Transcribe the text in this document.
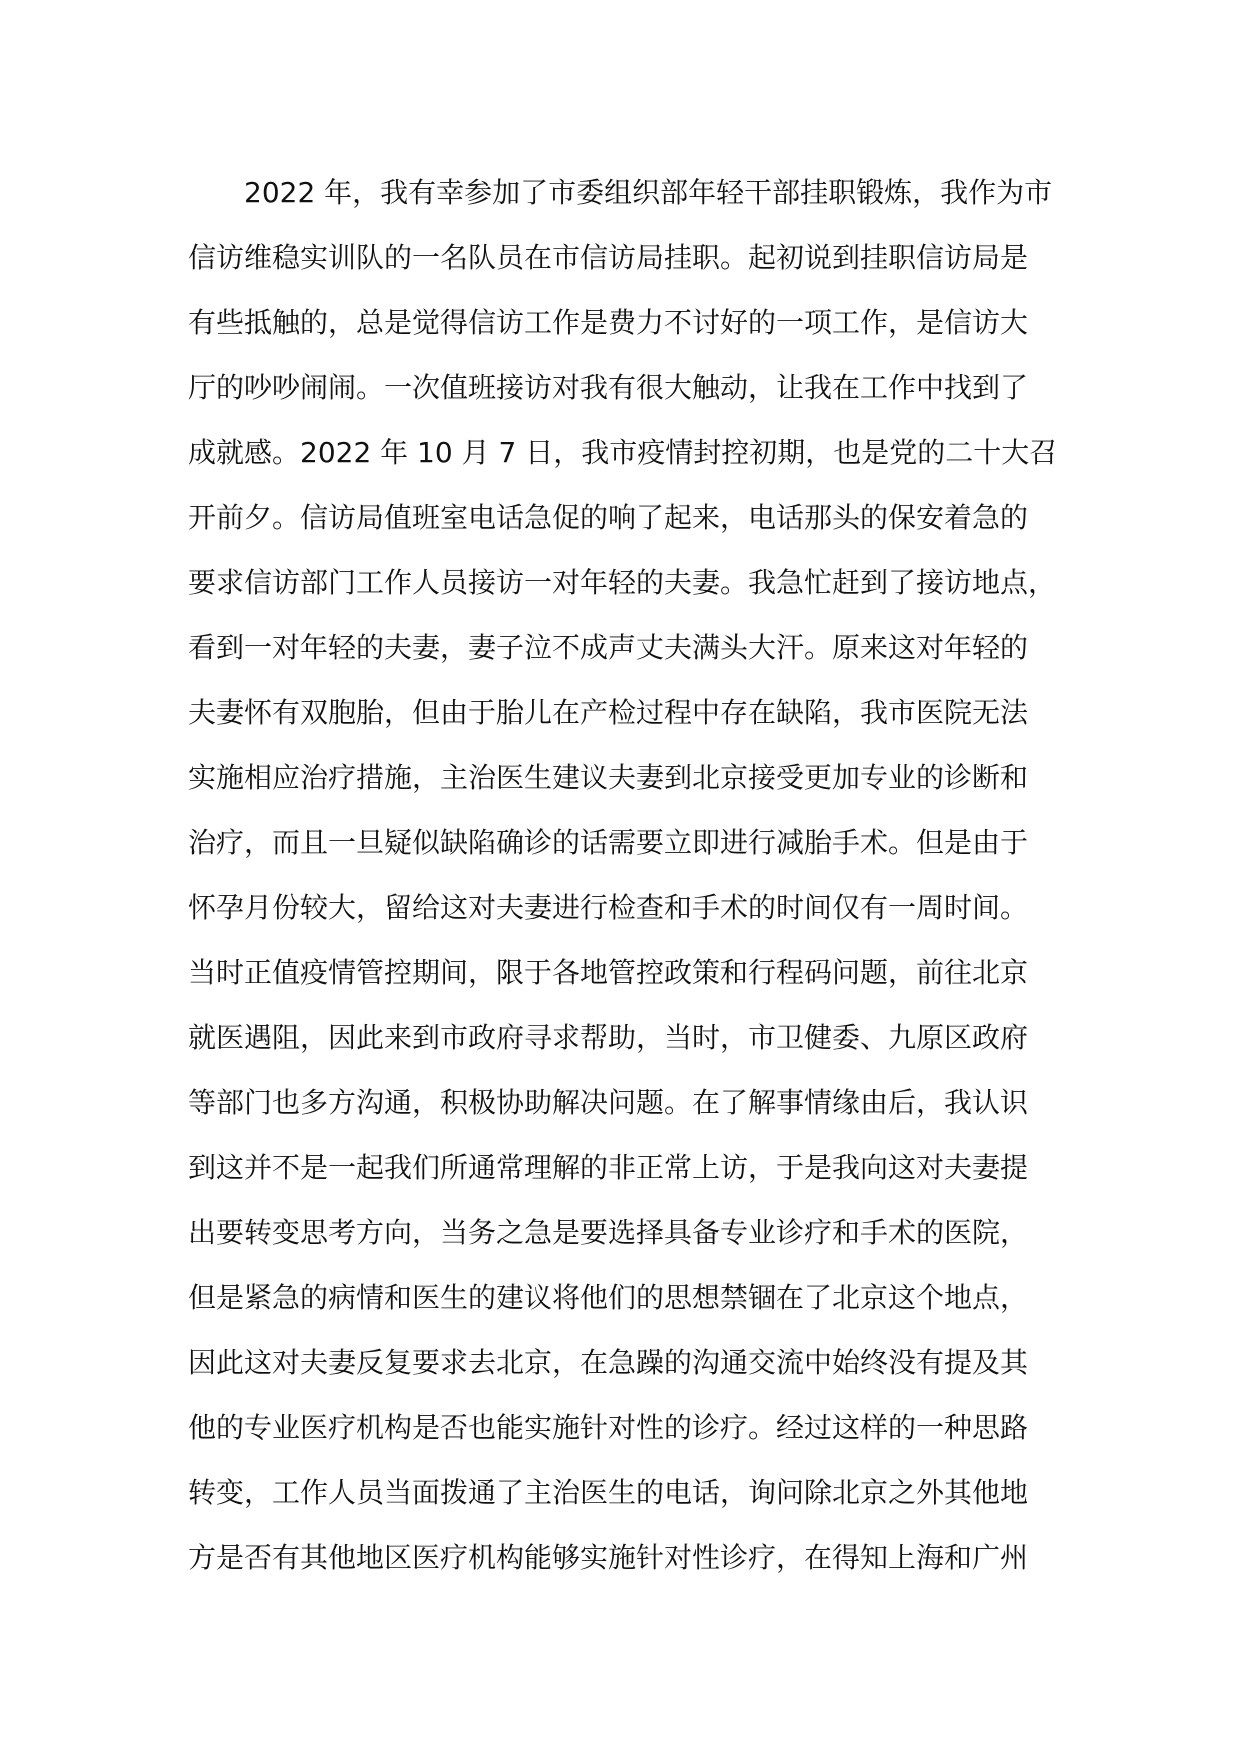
2022 年，我有幸参加了市委组织部年轻干部挂职锻炼，我作为市
信访维稳实训队的一名队员在市信访局挂职。起初说到挂职信访局是
有些抵触的，总是觉得信访工作是费力不讨好的一项工作，是信访大
厅的吵吵闹闹。一次值班接访对我有很大触动，让我在工作中找到了
成就感。2022 年 10 月 7 日，我市疫情封控初期，也是党的二十大召
开前夕。信访局值班室电话急促的响了起来，电话那头的保安着急的
要求信访部门工作人员接访一对年轻的夫妻。我急忙赶到了接访地点，
看到一对年轻的夫妻，妻子泣不成声丈夫满头大汗。原来这对年轻的
夫妻怀有双胞胎，但由于胎儿在产检过程中存在缺陷，我市医院无法
实施相应治疗措施，主治医生建议夫妻到北京接受更加专业的诊断和
治疗，而且一旦疑似缺陷确诊的话需要立即进行减胎手术。但是由于
怀孕月份较大，留给这对夫妻进行检查和手术的时间仅有一周时间。
当时正值疫情管控期间，限于各地管控政策和行程码问题，前往北京
就医遇阻，因此来到市政府寻求帮助，当时，市卫健委、九原区政府
等部门也多方沟通，积极协助解决问题。在了解事情缘由后，我认识
到这并不是一起我们所通常理解的非正常上访，于是我向这对夫妻提
出要转变思考方向，当务之急是要选择具备专业诊疗和手术的医院，
但是紧急的病情和医生的建议将他们的思想禁锢在了北京这个地点，
因此这对夫妻反复要求去北京，在急躁的沟通交流中始终没有提及其
他的专业医疗机构是否也能实施针对性的诊疗。经过这样的一种思路
转变，工作人员当面拨通了主治医生的电话，询问除北京之外其他地
方是否有其他地区医疗机构能够实施针对性诊疗，在得知上海和广州
